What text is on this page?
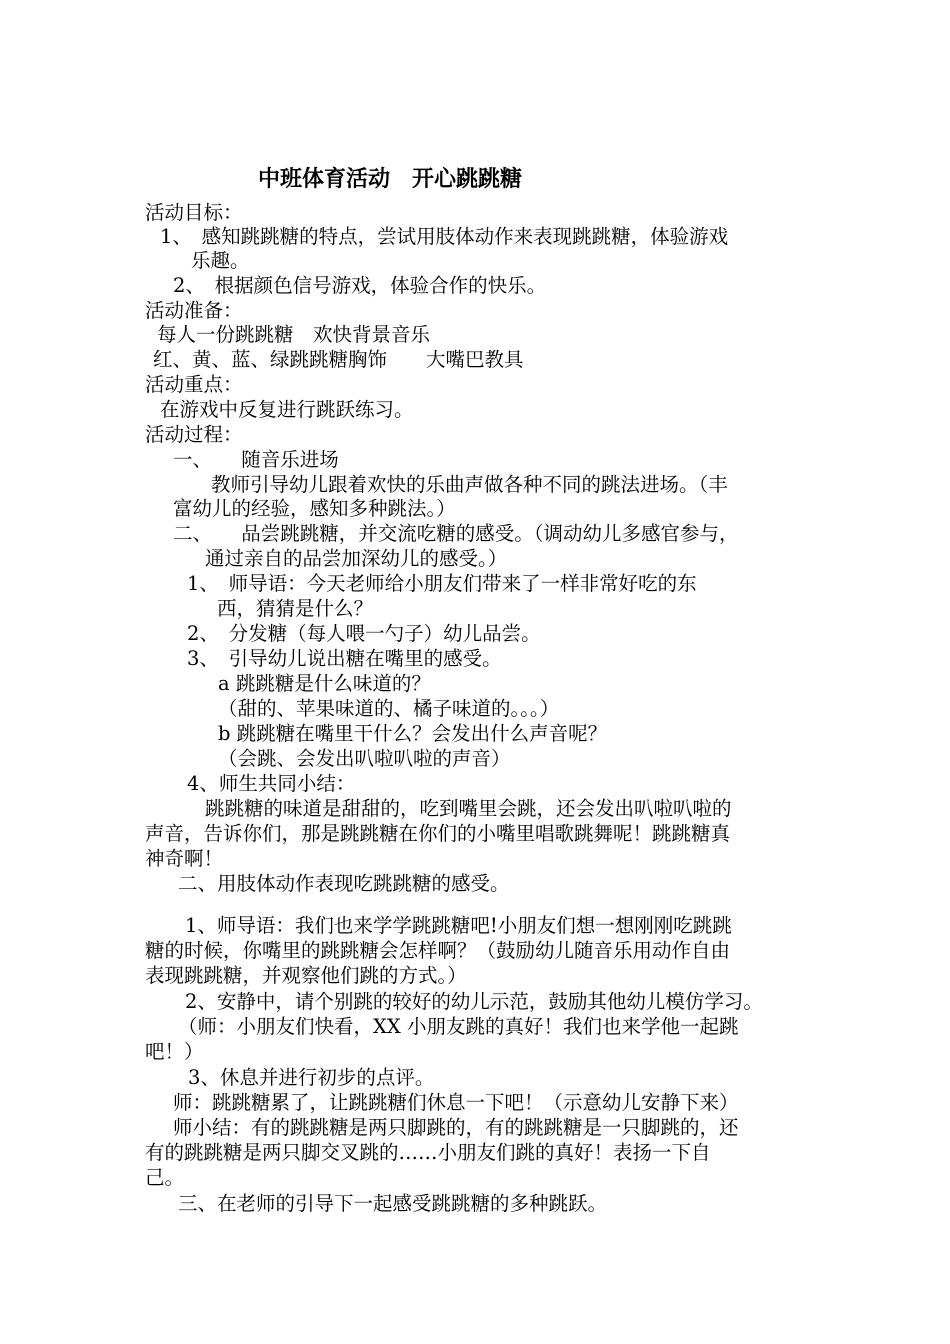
中班体育活动　开心跳跳糖
活动目标：
1、　感知跳跳糖的特点，尝试用肢体动作来表现跳跳糖，体验游戏
乐趣。
2、　根据颜色信号游戏，体验合作的快乐。
活动准备：
每人一份跳跳糖　欢快背景音乐
红、黄、蓝、绿跳跳糖胸饰　　大嘴巴教具
活动重点：
在游戏中反复进行跳跃练习。
活动过程：
一、　　随音乐进场
教师引导幼儿跟着欢快的乐曲声做各种不同的跳法进场。（丰
富幼儿的经验，感知多种跳法。）
二、　　品尝跳跳糖，并交流吃糖的感受。（调动幼儿多感官参与，
通过亲自的品尝加深幼儿的感受。）
1、　师导语：今天老师给小朋友们带来了一样非常好吃的东
西，猜猜是什么？
2、　分发糖（每人喂一勺子）幼儿品尝。
3、　引导幼儿说出糖在嘴里的感受。
a 跳跳糖是什么味道的？
（甜的、苹果味道的、橘子味道的。。。）
b 跳跳糖在嘴里干什么？会发出什么声音呢？
（会跳、会发出叭啦叭啦的声音）
4、师生共同小结：
跳跳糖的味道是甜甜的，吃到嘴里会跳，还会发出叭啦叭啦的
声音，告诉你们，那是跳跳糖在你们的小嘴里唱歌跳舞呢！跳跳糖真
神奇啊！
二、用肢体动作表现吃跳跳糖的感受。
1、师导语：我们也来学学跳跳糖吧!小朋友们想一想刚刚吃跳跳
糖的时候，你嘴里的跳跳糖会怎样啊？（鼓励幼儿随音乐用动作自由
表现跳跳糖，并观察他们跳的方式。）
2、安静中，请个别跳的较好的幼儿示范，鼓励其他幼儿模仿学习。
（师：小朋友们快看，XX 小朋友跳的真好！我们也来学他一起跳
吧！）
3、休息并进行初步的点评。
师：跳跳糖累了，让跳跳糖们休息一下吧！（示意幼儿安静下来）
师小结：有的跳跳糖是两只脚跳的，有的跳跳糖是一只脚跳的，还
有的跳跳糖是两只脚交叉跳的……小朋友们跳的真好！表扬一下自
己。
三、在老师的引导下一起感受跳跳糖的多种跳跃。
